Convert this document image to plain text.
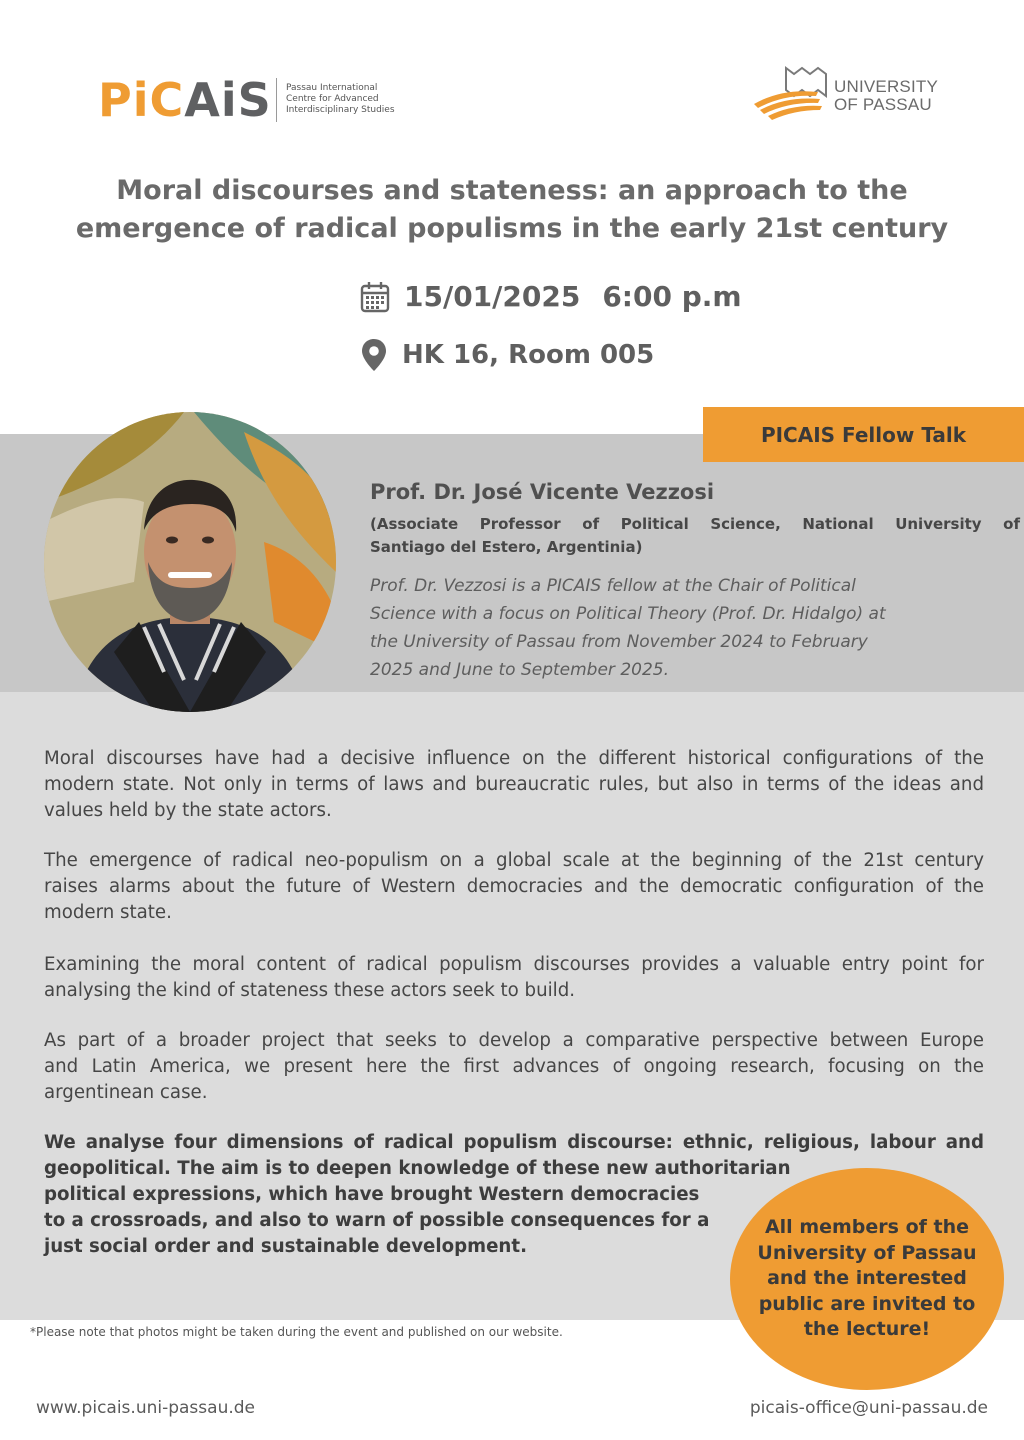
PiCAiS Passau International
Centre for Advanced
Interdisciplinary Studies
UNIVERSITY
OF PASSAU
Moral discourses and stateness: an approach to the
emergence of radical populisms in the early 21st century
15/01/2025 6:00 p.m
HK 16, Room 005
PICAIS Fellow Talk
Prof. Dr. José Vicente Vezzosi
(Associate Professor of Political Science, National University of
Santiago del Estero, Argentinia)
Prof. Dr. Vezzosi is a PICAIS fellow at the Chair of Political
Science with a focus on Political Theory (Prof. Dr. Hidalgo) at
the University of Passau from November 2024 to February
2025 and June to September 2025.
Moral discourses have had a decisive influence on the different historical configurations of the
modern state. Not only in terms of laws and bureaucratic rules, but also in terms of the ideas and
values held by the state actors.
The emergence of radical neo-populism on a global scale at the beginning of the 21st century
raises alarms about the future of Western democracies and the democratic configuration of the
modern state.
Examining the moral content of radical populism discourses provides a valuable entry point for
analysing the kind of stateness these actors seek to build.
As part of a broader project that seeks to develop a comparative perspective between Europe
and Latin America, we present here the first advances of ongoing research, focusing on the
argentinean case.
We analyse four dimensions of radical populism discourse: ethnic, religious, labour and
geopolitical. The aim is to deepen knowledge of these new authoritarian
political expressions, which have brought Western democracies
to a crossroads, and also to warn of possible consequences for a
just social order and sustainable development.
All members of the
University of Passau
and the interested
public are invited to
the lecture!
*Please note that photos might be taken during the event and published on our website.
www.picais.uni-passau.de	picais-office@uni-passau.de
